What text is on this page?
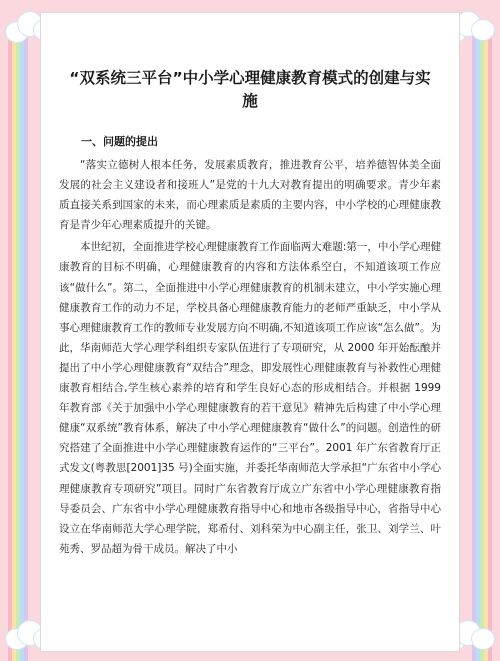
“双系统三平台”中小学心理健康教育模式的创建与实施
一、问题的提出

“落实立德树人根本任务，发展素质教育，推进教育公平，培养德智体美全面发展的社会主义建设者和接班人”是党的十九大对教育提出的明确要求。青少年素质直接关系到国家的未来，而心理素质是素质的主要内容，中小学校的心理健康教育是青少年心理素质提升的关键。

本世纪初，全面推进学校心理健康教育工作面临两大难题:第一，中小学心理健康教育的目标不明确，心理健康教育的内容和方法体系空白，不知道该项工作应该“做什么”。第二，全面推进中小学心理健康教育的机制未建立，中小学实施心理健康教育工作的动力不足，学校具备心理健康教育能力的老师严重缺乏，中小学从事心理健康教育工作的教师专业发展方向不明确,不知道该项工作应该“怎么做”。为此，华南师范大学心理学科组织专家队伍进行了专项研究，从 2000 年开始酝酿并提出了中小学心理健康教育“双结合”理念，即发展性心理健康教育与补救性心理健康教育相结合,学生核心素养的培育和学生良好心态的形成相结合。并根据 1999 年教育部《关于加强中小学心理健康教育的若干意见》精神先后构建了中小学心理健康“双系统”教育体系，解决了中小学心理健康教育“做什么”的问题。创造性的研究搭建了全面推进中小学心理健康教育运作的“三平台”。2001 年广东省教育厅正式发文(粤教思[2001]35 号)全面实施，并委托华南师范大学承担“广东省中小学心理健康教育专项研究”项目。同时广东省教育厅成立广东省中小学心理健康教育指导委员会、广东省中小学心理健康教育指导中心和地市各级指导中心，省指导中心设立在华南师范大学心理学院，郑希付、刘科荣为中心副主任，张卫、刘学兰、叶苑秀、罗品超为骨干成员。解决了中小
